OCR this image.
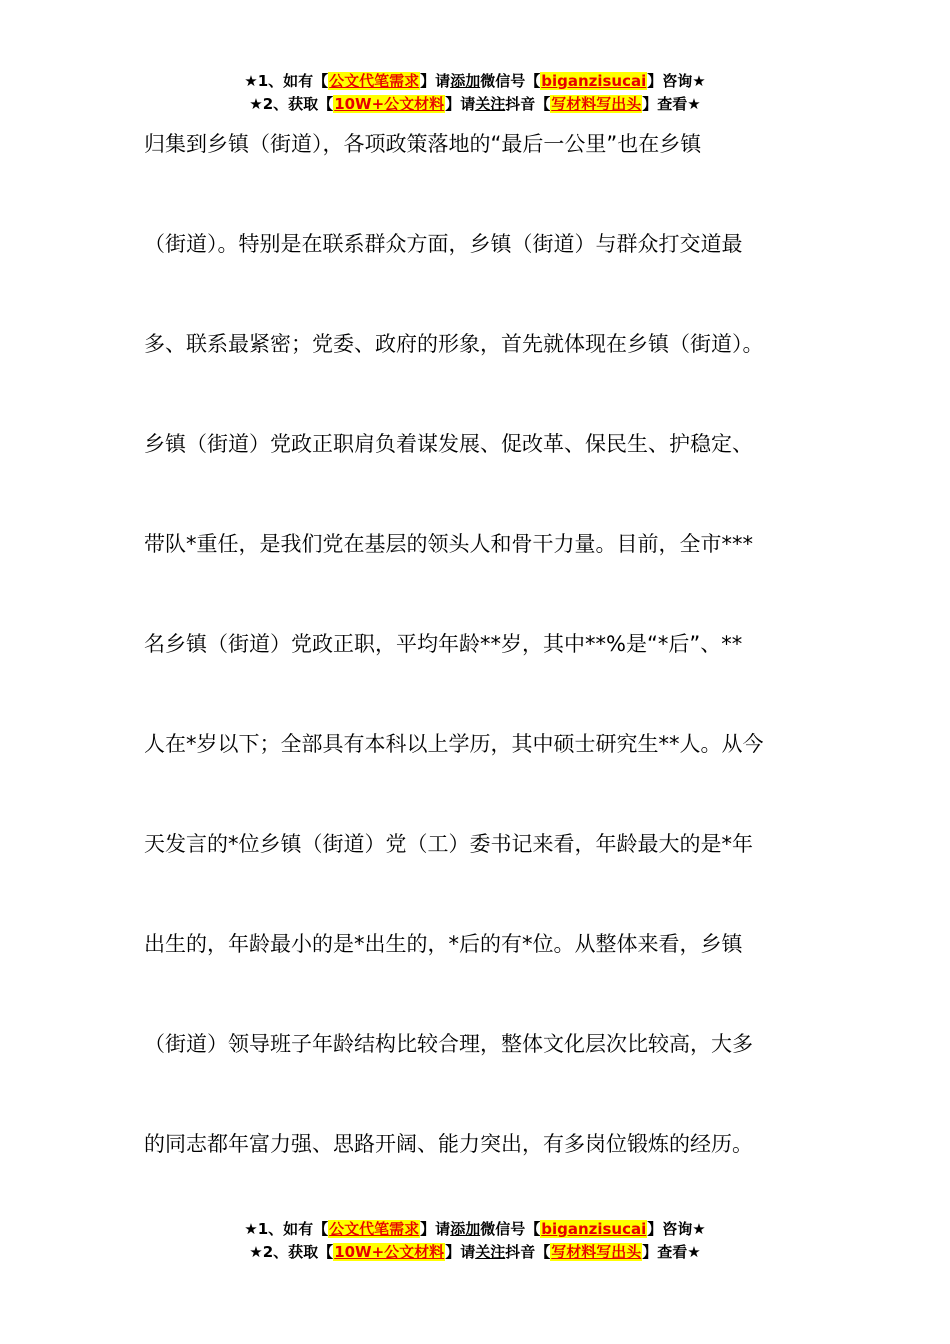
★1、如有【公文代笔需求】请添加微信号【biganzisucai】咨询★
★2、获取【10W+公文材料】请关注抖音【写材料写出头】查看★
归集到乡镇（街道），各项政策落地的“最后一公里”也在乡镇
（街道）。特别是在联系群众方面，乡镇（街道）与群众打交道最
多、联系最紧密；党委、政府的形象，首先就体现在乡镇（街道）。
乡镇（街道）党政正职肩负着谋发展、促改革、保民生、护稳定、
带队*重任，是我们党在基层的领头人和骨干力量。目前，全市***
名乡镇（街道）党政正职，平均年龄**岁，其中**%是“*后”、**
人在*岁以下；全部具有本科以上学历，其中硕士研究生**人。从今
天发言的*位乡镇（街道）党（工）委书记来看，年龄最大的是*年
出生的，年龄最小的是*出生的，*后的有*位。从整体来看，乡镇
（街道）领导班子年龄结构比较合理，整体文化层次比较高，大多
的同志都年富力强、思路开阔、能力突出，有多岗位锻炼的经历。
★1、如有【公文代笔需求】请添加微信号【biganzisucai】咨询★
★2、获取【10W+公文材料】请关注抖音【写材料写出头】查看★
